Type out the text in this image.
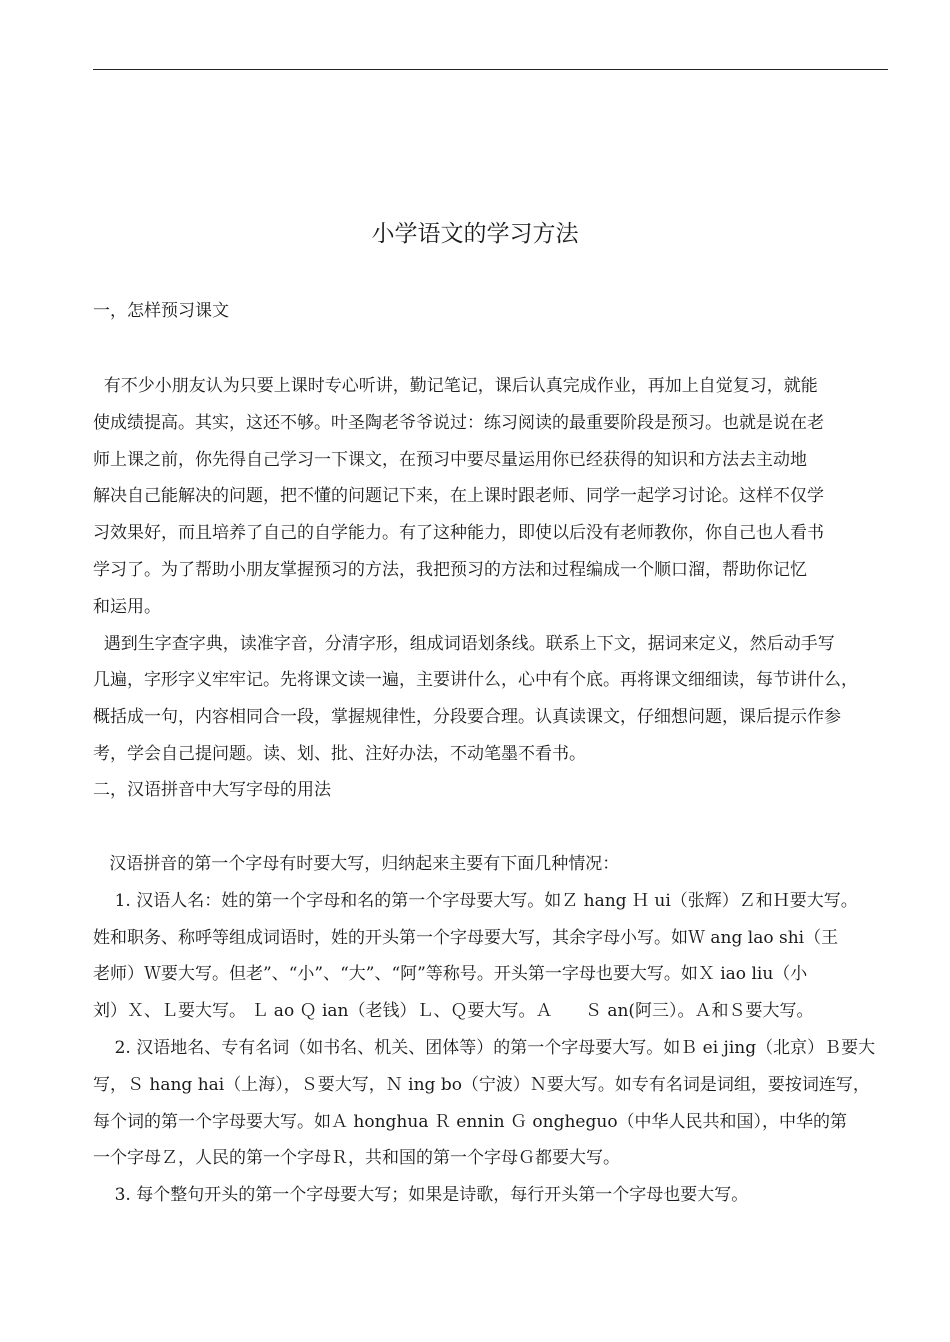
小学语文的学习方法
一，怎样预习课文
有不少小朋友认为只要上课时专心听讲，勤记笔记，课后认真完成作业，再加上自觉复习，就能
使成绩提高。其实，这还不够。叶圣陶老爷爷说过：练习阅读的最重要阶段是预习。也就是说在老
师上课之前，你先得自己学习一下课文，在预习中要尽量运用你已经获得的知识和方法去主动地
解决自己能解决的问题，把不懂的问题记下来，在上课时跟老师、同学一起学习讨论。这样不仅学
习效果好，而且培养了自己的自学能力。有了这种能力，即使以后没有老师教你，你自己也人看书
学习了。为了帮助小朋友掌握预习的方法，我把预习的方法和过程编成一个顺口溜，帮助你记忆
和运用。
遇到生字查字典，读准字音，分清字形，组成词语划条线。联系上下文，据词来定义，然后动手写
几遍，字形字义牢牢记。先将课文读一遍，主要讲什么，心中有个底。再将课文细细读，每节讲什么，
概括成一句，内容相同合一段，掌握规律性，分段要合理。认真读课文，仔细想问题，课后提示作参
考，学会自己提问题。读、划、批、注好办法，不动笔墨不看书。
二，汉语拼音中大写字母的用法
汉语拼音的第一个字母有时要大写，归纳起来主要有下面几种情况：
1. 汉语人名：姓的第一个字母和名的第一个字母要大写。如Ｚ hang Ｈ ui（张辉）Ｚ和Ｈ要大写。
姓和职务、称呼等组成词语时，姓的开头第一个字母要大写，其余字母小写。如Ｗ ang lao shi（王
老师）Ｗ要大写。但老”、“小”、“大”、“阿”等称号。开头第一字母也要大写。如Ｘ iao liu（小
刘）Ｘ、Ｌ要大写。 Ｌ ao Ｑ ian（老钱）Ｌ、Ｑ要大写。Ａ      Ｓ an(阿三）。Ａ和Ｓ要大写。
2. 汉语地名、专有名词（如书名、机关、团体等）的第一个字母要大写。如Ｂ ei jing（北京）Ｂ要大
写，Ｓ hang hai（上海），Ｓ要大写，Ｎ ing bo（宁波）Ｎ要大写。如专有名词是词组，要按词连写，
每个词的第一个字母要大写。如Ａ honghua Ｒ ennin Ｇ ongheguo（中华人民共和国），中华的第
一个字母Ｚ，人民的第一个字母Ｒ，共和国的第一个字母Ｇ都要大写。
3. 每个整句开头的第一个字母要大写；如果是诗歌，每行开头第一个字母也要大写。
